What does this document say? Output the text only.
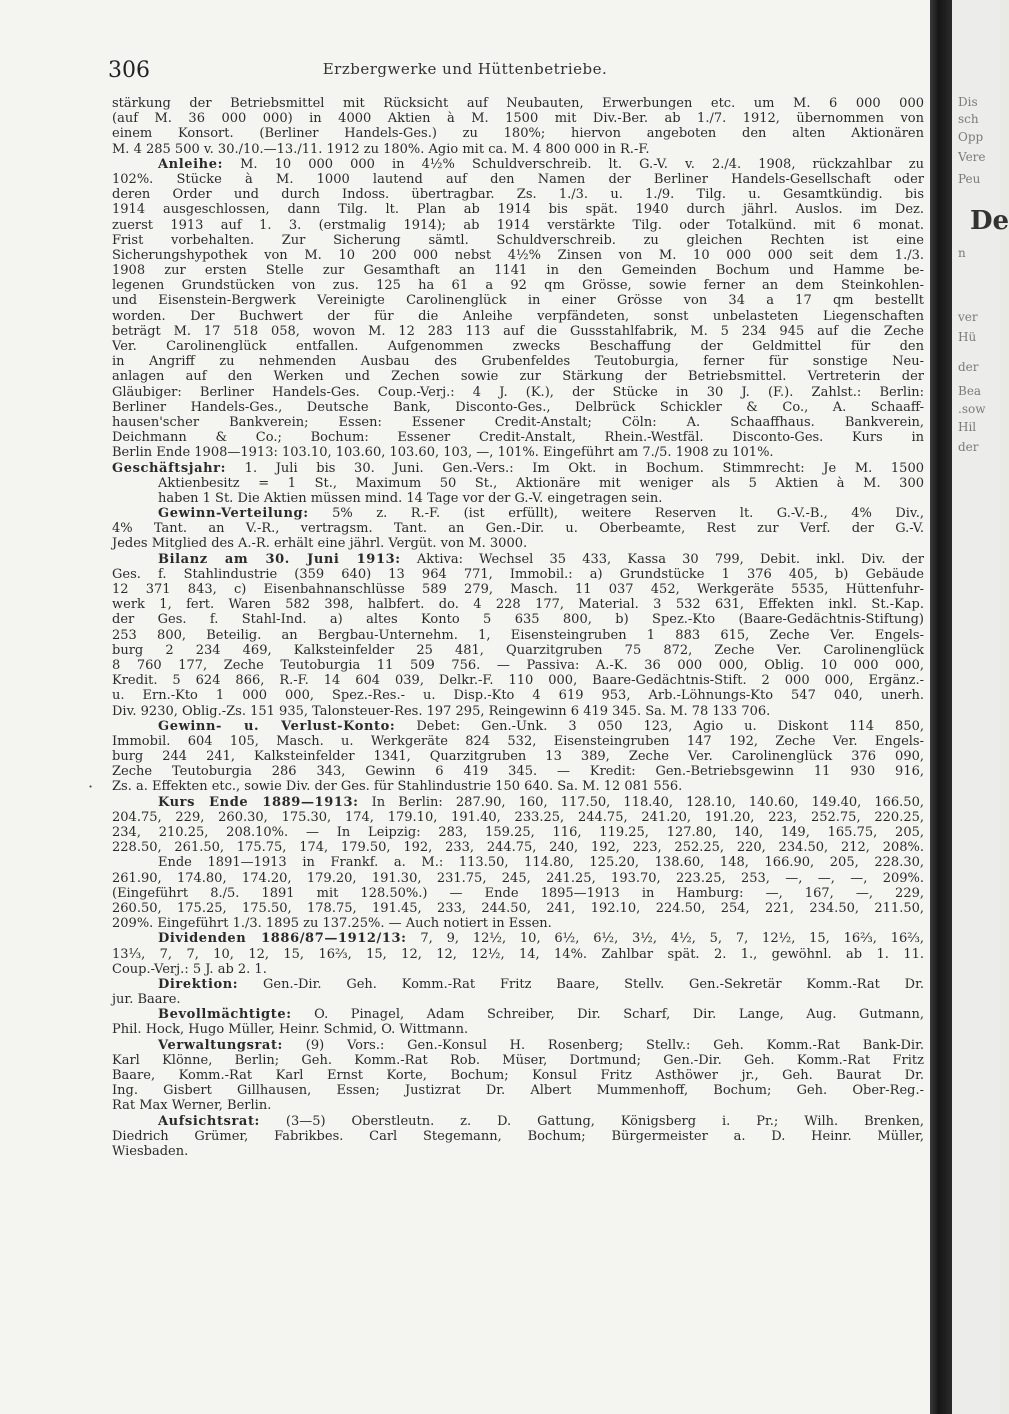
306	Erzbergwerke und Hüttenbetriebe.
·
stärkung der Betriebsmittel mit Rücksicht auf Neubauten, Erwerbungen etc. um M. 6 000 000
(auf M. 36 000 000) in 4000 Aktien à M. 1500 mit Div.-Ber. ab 1./7. 1912, übernommen von
einem Konsort. (Berliner Handels-Ges.) zu 180%; hiervon angeboten den alten Aktionären
M. 4 285 500 v. 30./10.—13./11. 1912 zu 180%. Agio mit ca. M. 4 800 000 in R.-F.
Anleihe: M. 10 000 000 in 4½% Schuldverschreib. lt. G.-V. v. 2./4. 1908, rückzahlbar zu
102%. Stücke à M. 1000 lautend auf den Namen der Berliner Handels-Gesellschaft oder
deren Order und durch Indoss. übertragbar. Zs. 1./3. u. 1./9. Tilg. u. Gesamtkündig. bis
1914 ausgeschlossen, dann Tilg. lt. Plan ab 1914 bis spät. 1940 durch jährl. Auslos. im Dez.
zuerst 1913 auf 1. 3. (erstmalig 1914); ab 1914 verstärkte Tilg. oder Totalkünd. mit 6 monat.
Frist vorbehalten. Zur Sicherung sämtl. Schuldverschreib. zu gleichen Rechten ist eine
Sicherungshypothek von M. 10 200 000 nebst 4½% Zinsen von M. 10 000 000 seit dem 1./3.
1908 zur ersten Stelle zur Gesamthaft an 1141 in den Gemeinden Bochum und Hamme be-
legenen Grundstücken von zus. 125 ha 61 a 92 qm Grösse, sowie ferner an dem Steinkohlen-
und Eisenstein-Bergwerk Vereinigte Carolinenglück in einer Grösse von 34 a 17 qm bestellt
worden. Der Buchwert der für die Anleihe verpfändeten, sonst unbelasteten Liegenschaften
beträgt M. 17 518 058, wovon M. 12 283 113 auf die Gussstahlfabrik, M. 5 234 945 auf die Zeche
Ver. Carolinenglück entfallen. Aufgenommen zwecks Beschaffung der Geldmittel für den
in Angriff zu nehmenden Ausbau des Grubenfeldes Teutoburgia, ferner für sonstige Neu-
anlagen auf den Werken und Zechen sowie zur Stärkung der Betriebsmittel. Vertreterin der
Gläubiger: Berliner Handels-Ges. Coup.-Verj.: 4 J. (K.), der Stücke in 30 J. (F.). Zahlst.: Berlin:
Berliner Handels-Ges., Deutsche Bank, Disconto-Ges., Delbrück Schickler & Co., A. Schaaff-
hausen'scher Bankverein; Essen: Essener Credit-Anstalt; Cöln: A. Schaaffhaus. Bankverein,
Deichmann & Co.; Bochum: Essener Credit-Anstalt, Rhein.-Westfäl. Disconto-Ges. Kurs in
Berlin Ende 1908—1913: 103.10, 103.60, 103.60, 103, —, 101%. Eingeführt am 7./5. 1908 zu 101%.
Geschäftsjahr: 1. Juli bis 30. Juni. Gen.-Vers.: Im Okt. in Bochum. Stimmrecht: Je M. 1500
Aktienbesitz = 1 St., Maximum 50 St., Aktionäre mit weniger als 5 Aktien à M. 300
haben 1 St. Die Aktien müssen mind. 14 Tage vor der G.-V. eingetragen sein.
Gewinn-Verteilung: 5% z. R.-F. (ist erfüllt), weitere Reserven lt. G.-V.-B., 4% Div.,
4% Tant. an V.-R., vertragsm. Tant. an Gen.-Dir. u. Oberbeamte, Rest zur Verf. der G.-V.
Jedes Mitglied des A.-R. erhält eine jährl. Vergüt. von M. 3000.
Bilanz am 30. Juni 1913: Aktiva: Wechsel 35 433, Kassa 30 799, Debit. inkl. Div. der
Ges. f. Stahlindustrie (359 640) 13 964 771, Immobil.: a) Grundstücke 1 376 405, b) Gebäude
12 371 843, c) Eisenbahnanschlüsse 589 279, Masch. 11 037 452, Werkgeräte 5535, Hüttenfuhr-
werk 1, fert. Waren 582 398, halbfert. do. 4 228 177, Material. 3 532 631, Effekten inkl. St.-Kap.
der Ges. f. Stahl-Ind. a) altes Konto 5 635 800, b) Spez.-Kto (Baare-Gedächtnis-Stiftung)
253 800, Beteilig. an Bergbau-Unternehm. 1, Eisensteingruben 1 883 615, Zeche Ver. Engels-
burg 2 234 469, Kalksteinfelder 25 481, Quarzitgruben 75 872, Zeche Ver. Carolinenglück
8 760 177, Zeche Teutoburgia 11 509 756. — Passiva: A.-K. 36 000 000, Oblig. 10 000 000,
Kredit. 5 624 866, R.-F. 14 604 039, Delkr.-F. 110 000, Baare-Gedächtnis-Stift. 2 000 000, Ergänz.-
u. Ern.-Kto 1 000 000, Spez.-Res.- u. Disp.-Kto 4 619 953, Arb.-Löhnungs-Kto 547 040, unerh.
Div. 9230, Oblig.-Zs. 151 935, Talonsteuer-Res. 197 295, Reingewinn 6 419 345. Sa. M. 78 133 706.
Gewinn- u. Verlust-Konto: Debet: Gen.-Unk. 3 050 123, Agio u. Diskont 114 850,
Immobil. 604 105, Masch. u. Werkgeräte 824 532, Eisensteingruben 147 192, Zeche Ver. Engels-
burg 244 241, Kalksteinfelder 1341, Quarzitgruben 13 389, Zeche Ver. Carolinenglück 376 090,
Zeche Teutoburgia 286 343, Gewinn 6 419 345. — Kredit: Gen.-Betriebsgewinn 11 930 916,
Zs. a. Effekten etc., sowie Div. der Ges. für Stahlindustrie 150 640. Sa. M. 12 081 556.
Kurs Ende 1889—1913: In Berlin: 287.90, 160, 117.50, 118.40, 128.10, 140.60, 149.40, 166.50,
204.75, 229, 260.30, 175.30, 174, 179.10, 191.40, 233.25, 244.75, 241.20, 191.20, 223, 252.75, 220.25,
234, 210.25, 208.10%. — In Leipzig: 283, 159.25, 116, 119.25, 127.80, 140, 149, 165.75, 205,
228.50, 261.50, 175.75, 174, 179.50, 192, 233, 244.75, 240, 192, 223, 252.25, 220, 234.50, 212, 208%.
Ende 1891—1913 in Frankf. a. M.: 113.50, 114.80, 125.20, 138.60, 148, 166.90, 205, 228.30,
261.90, 174.80, 174.20, 179.20, 191.30, 231.75, 245, 241.25, 193.70, 223.25, 253, —, —, —, 209%.
(Eingeführt 8./5. 1891 mit 128.50%.) — Ende 1895—1913 in Hamburg: —, 167, —, 229,
260.50, 175.25, 175.50, 178.75, 191.45, 233, 244.50, 241, 192.10, 224.50, 254, 221, 234.50, 211.50,
209%. Eingeführt 1./3. 1895 zu 137.25%. — Auch notiert in Essen.
Dividenden 1886/87—1912/13: 7, 9, 12½, 10, 6½, 6½, 3½, 4½, 5, 7, 12½, 15, 16⅔, 16⅔,
13⅓, 7, 7, 10, 12, 15, 16⅔, 15, 12, 12, 12½, 14, 14%. Zahlbar spät. 2. 1., gewöhnl. ab 1. 11.
Coup.-Verj.: 5 J. ab 2. 1.
Direktion: Gen.-Dir. Geh. Komm.-Rat Fritz Baare, Stellv. Gen.-Sekretär Komm.-Rat Dr.
jur. Baare.
Bevollmächtigte: O. Pinagel, Adam Schreiber, Dir. Scharf, Dir. Lange, Aug. Gutmann,
Phil. Hock, Hugo Müller, Heinr. Schmid, O. Wittmann.
Verwaltungsrat: (9) Vors.: Gen.-Konsul H. Rosenberg; Stellv.: Geh. Komm.-Rat Bank-Dir.
Karl Klönne, Berlin; Geh. Komm.-Rat Rob. Müser, Dortmund; Gen.-Dir. Geh. Komm.-Rat Fritz
Baare, Komm.-Rat Karl Ernst Korte, Bochum; Konsul Fritz Asthöwer jr., Geh. Baurat Dr.
Ing. Gisbert Gillhausen, Essen; Justizrat Dr. Albert Mummenhoff, Bochum; Geh. Ober-Reg.-
Rat Max Werner, Berlin.
Aufsichtsrat: (3—5) Oberstleutn. z. D. Gattung, Königsberg i. Pr.; Wilh. Brenken,
Diedrich Grümer, Fabrikbes. Carl Stegemann, Bochum; Bürgermeister a. D. Heinr. Müller,
Wiesbaden.
Dis
sch
Opp
Vere
Peu
De
n
ver
Hü
der
Bea
.sow
Hil
der
